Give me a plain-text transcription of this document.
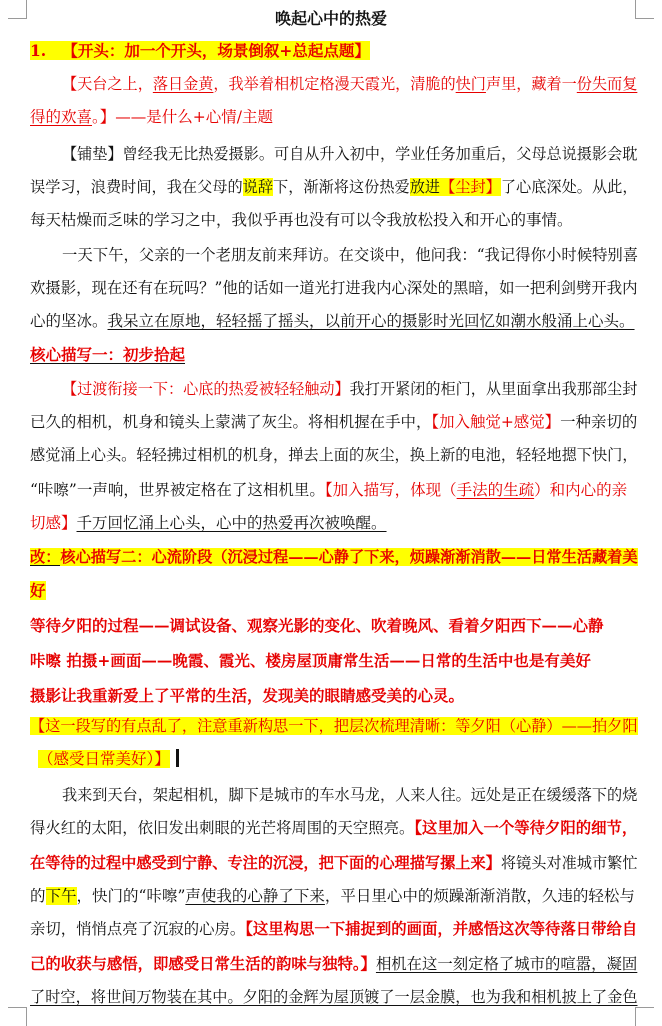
唤起心中的热爱
1. 【开头：加一个开头，场景倒叙+总起点题】
【天台之上，落日金黄，我举着相机定格漫天霞光，清脆的快门声里，藏着一份失而复
得的欢喜。】——是什么+心情/主题
【铺垫】曾经我无比热爱摄影。可自从升入初中，学业任务加重后，父母总说摄影会耽
误学习，浪费时间，我在父母的说辞下，渐渐将这份热爱放进【尘封】了心底深处。从此，
每天枯燥而乏味的学习之中，我似乎再也没有可以令我放松投入和开心的事情。
一天下午，父亲的一个老朋友前来拜访。在交谈中，他问我：“我记得你小时候特别喜
欢摄影，现在还有在玩吗？”他的话如一道光打进我内心深处的黑暗，如一把利剑劈开我内
心的坚冰。我呆立在原地，轻轻摇了摇头，以前开心的摄影时光回忆如潮水般涌上心头。
核心描写一：初步拾起
【过渡衔接一下：心底的热爱被轻轻触动】我打开紧闭的柜门，从里面拿出我那部尘封
已久的相机，机身和镜头上蒙满了灰尘。将相机握在手中，【加入触觉+感觉】一种亲切的
感觉涌上心头。轻轻拂过相机的机身，掸去上面的灰尘，换上新的电池，轻轻地摁下快门，
“咔嚓”一声响，世界被定格在了这相机里。【加入描写，体现（手法的生疏）和内心的亲
切感】千万回忆涌上心头，心中的热爱再次被唤醒。
改：核心描写二：心流阶段（沉浸过程——心静了下来，烦躁渐渐消散——日常生活藏着美
好
等待夕阳的过程——调试设备、观察光影的变化、吹着晚风、看着夕阳西下——心静
咔嚓 拍摄+画面——晚霞、霞光、楼房屋顶庸常生活——日常的生活中也是有美好
摄影让我重新爱上了平常的生活，发现美的眼睛感受美的心灵。
【这一段写的有点乱了，注意重新构思一下，把层次梳理清晰：等夕阳（心静）——拍夕阳
（感受日常美好）】
我来到天台，架起相机，脚下是城市的车水马龙，人来人往。远处是正在缓缓落下的烧
得火红的太阳，依旧发出刺眼的光芒将周围的天空照亮。【这里加入一个等待夕阳的细节，
在等待的过程中感受到宁静、专注的沉浸，把下面的心理描写摞上来】将镜头对准城市繁忙
的下午，快门的“咔嚓”声使我的心静了下来，平日里心中的烦躁渐渐消散，久违的轻松与
亲切，悄悄点亮了沉寂的心房。【这里构思一下捕捉到的画面，并感悟这次等待落日带给自
己的收获与感悟，即感受日常生活的韵味与独特。】相机在这一刻定格了城市的喧嚣，凝固
了时空，将世间万物装在其中。夕阳的金辉为屋顶镀了一层金膜，也为我和相机披上了金色
